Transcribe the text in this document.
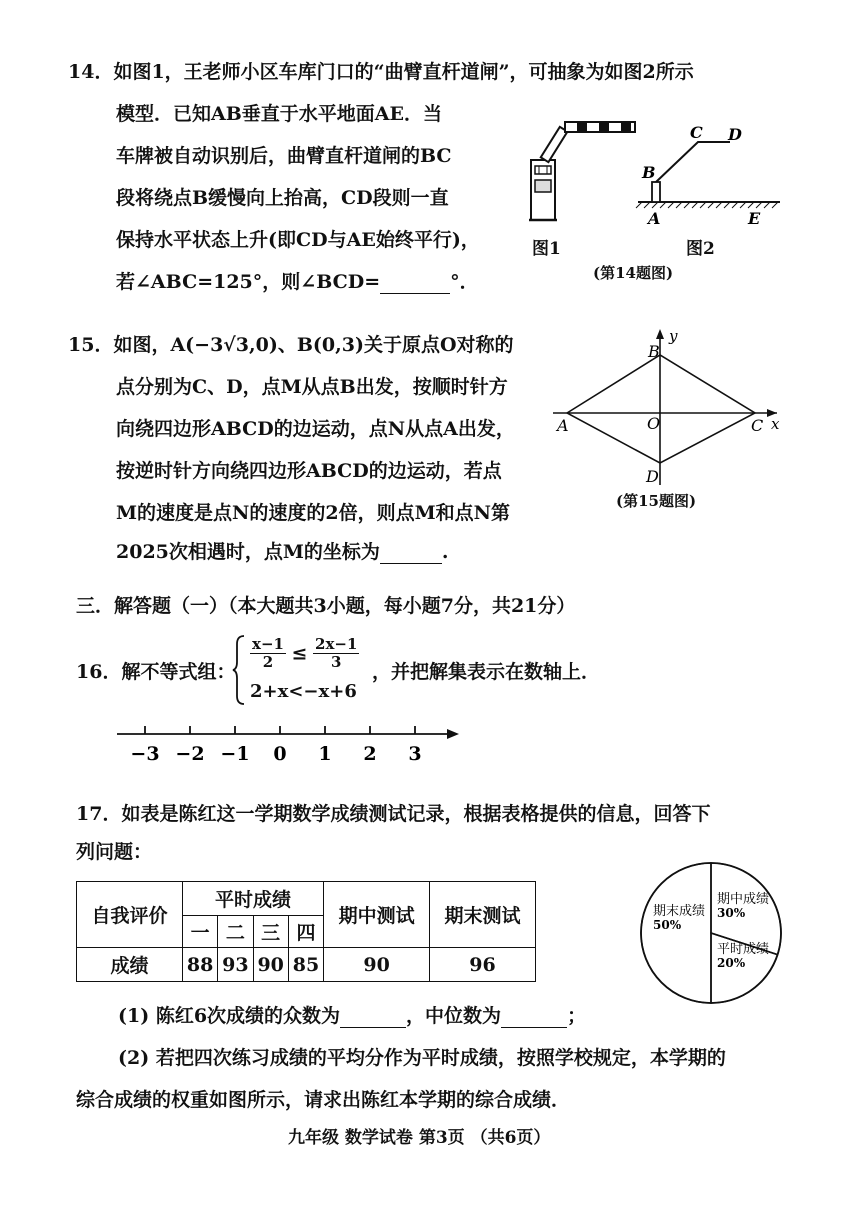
14．如图1，王老师小区车库门口的“曲臂直杆道闸”，可抽象为如图2所示
模型．已知AB垂直于水平地面AE．当
车牌被自动识别后，曲臂直杆道闸的BC
段将绕点B缓慢向上抬高，CD段则一直
保持水平状态上升(即CD与AE始终平行)，
若∠ABC=125°，则∠BCD=	°．
图1
B
C D
A	E
图2
(第14题图)
15．如图，A(−3√3,0)、B(0,3)关于原点O对称的
点分别为C、D，点M从点B出发，按顺时针方
向绕四边形ABCD的边运动，点N从点A出发，
按逆时针方向绕四边形ABCD的边运动，若点
M的速度是点N的速度的2倍，则点M和点N第
2025次相遇时，点M的坐标为	.
y
B
A	O	C x
D
(第15题图)
三．解答题（一）（本大题共3小题，每小题7分，共21分）
16．解不等式组：
$\frac{x-1}{2} \le \frac{2x-1}{3}$
2+x<−x+6
，并把解集表示在数轴上．
−3 −2 −1 0 1 2 3
17．如表是陈红这一学期数学成绩测试记录，根据表格提供的信息，回答下
列问题：
自我评价	平时成绩				期中测试	期末测试
	一	二	三	四		
成绩	88	93	90	85	90	96
期末成绩
50%
期中成绩
30%
平时成绩
20%
(1) 陈红6次成绩的众数为	，中位数为	；
(2) 若把四次练习成绩的平均分作为平时成绩，按照学校规定，本学期的
综合成绩的权重如图所示，请求出陈红本学期的综合成绩．
九年级 数学试卷 第3页 （共6页）
